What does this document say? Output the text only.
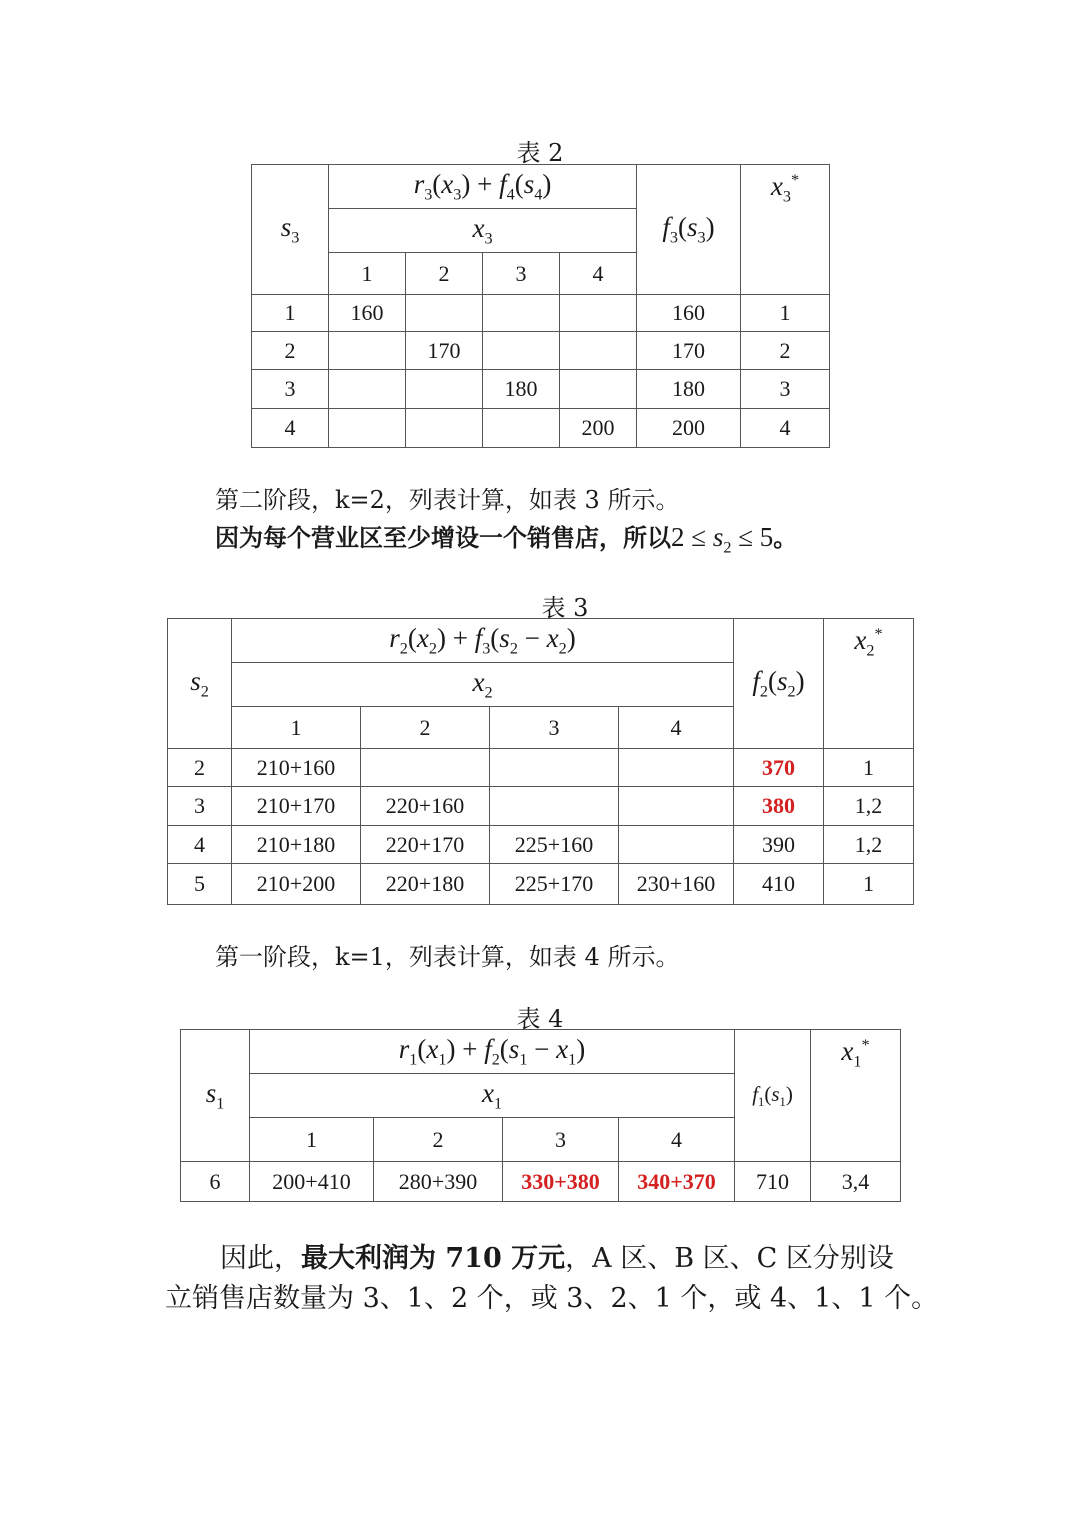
表 2
$s_3$	$r_3(x_3) + f_4(s_4)$				$f_3(s_3)$	$x_3^*$
	$x_3$
	1	2	3	4		
1	160				160	1
2		170			170	2
3			180		180	3
4				200	200	4
第二阶段，k=2，列表计算，如表 3 所示。
因为每个营业区至少增设一个销售店，所以$2 \le s_2 \le 5$。
表 3
$s_2$	$r_2(x_2) + f_3(s_2 - x_2)$				$f_2(s_2)$	$x_2^*$
	$x_2$
	1	2	3	4		
2	210+160				370	1
3	210+170	220+160			380	1,2
4	210+180	220+170	225+160		390	1,2
5	210+200	220+180	225+170	230+160	410	1
第一阶段，k=1，列表计算，如表 4 所示。
表 4
$s_1$	$r_1(x_1) + f_2(s_1 - x_1)$				$f_1(s_1)$	$x_1^*$
	$x_1$
	1	2	3	4		
6	200+410	280+390	330+380	340+370	710	3,4
因此，最大利润为 710 万元，A 区、B 区、C 区分别设
立销售店数量为 3、1、2 个，或 3、2、1 个，或 4、1、1 个。
